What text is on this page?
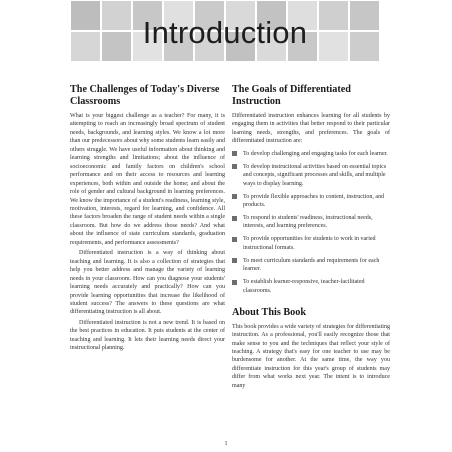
Introduction
The Challenges of Today's Diverse Classrooms

What is your biggest challenge as a teacher? For many, it is attempting to reach an increasingly broad spectrum of student needs, backgrounds, and learning styles. We know a lot more than our predecessors about why some students learn easily and others struggle. We have useful information about thinking and learning strengths and limitations; about the influence of socioeconomic and family factors on children's school performance and on their access to resources and learning experiences, both within and outside the home; and about the role of gender and cultural background in learning preferences. We know the importance of a student's readiness, learning style, motivation, interests, regard for learning, and confidence. All these factors broaden the range of student needs within a single classroom. But how do we address those needs? And what about the influence of state curriculum standards, graduation requirements, and performance assessments?

Differentiated instruction is a way of thinking about teaching and learning. It is also a collection of strategies that help you better address and manage the variety of learning needs in your classroom. How can you diagnose your students' learning needs accurately and practically? How can you provide learning opportunities that increase the likelihood of student success? The answers to these questions are what differentiating instruction is all about.

Differentiated instruction is not a new trend. It is based on the best practices in education. It puts students at the center of teaching and learning. It lets their learning needs direct your instructional planning.

The Goals of Differentiated Instruction

Differentiated instruction enhances learning for all students by engaging them in activities that better respond to their particular learning needs, strengths, and preferences. The goals of differentiated instruction are:

To develop challenging and engaging tasks for each learner.
To develop instructional activities based on essential topics and concepts, significant processes and skills, and multiple ways to display learning.
To provide flexible approaches to content, instruction, and products.
To respond to students' readiness, instructional needs, interests, and learning preferences.
To provide opportunities for students to work in varied instructional formats.
To meet curriculum standards and requirements for each learner.
To establish learner-responsive, teacher-facilitated classrooms.
About This Book

This book provides a wide variety of strategies for differentiating instruction. As a professional, you'll easily recognize those that make sense to you and the techniques that reflect your style of teaching. A strategy that's easy for one teacher to use may be burdensome for another. At the same time, the way you differentiate instruction for this year's group of students may differ from what works next year. The intent is to introduce many

1
